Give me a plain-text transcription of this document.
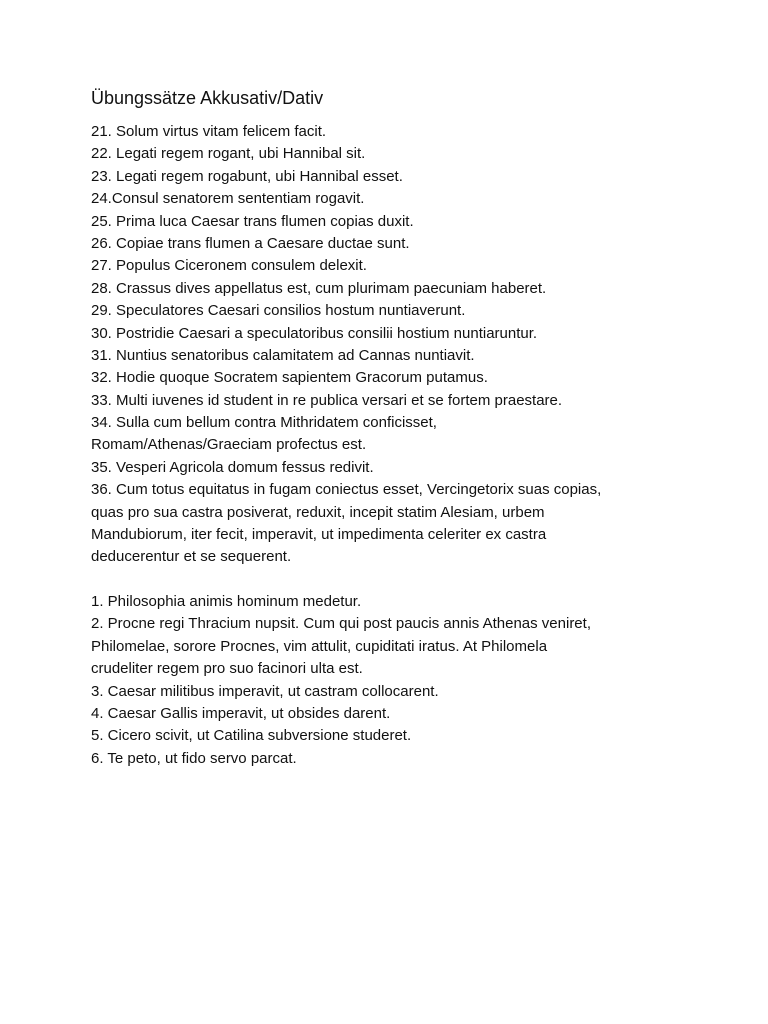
Übungssätze Akkusativ/Dativ
21. Solum virtus vitam felicem facit.
22. Legati regem rogant, ubi Hannibal sit.
23. Legati regem rogabunt, ubi Hannibal esset.
24.Consul senatorem sententiam rogavit.
25. Prima luca Caesar trans flumen copias duxit.
26. Copiae trans flumen a Caesare ductae sunt.
27. Populus Ciceronem consulem delexit.
28. Crassus dives appellatus est, cum plurimam paecuniam haberet.
29. Speculatores Caesari consilios hostum nuntiaverunt.
30. Postridie Caesari a speculatoribus consilii hostium nuntiaruntur.
31. Nuntius senatoribus calamitatem ad Cannas nuntiavit.
32. Hodie quoque Socratem sapientem Gracorum putamus.
33. Multi iuvenes id student in re publica versari et se fortem praestare.
34. Sulla cum bellum contra Mithridatem conficisset,
Romam/Athenas/Graeciam profectus est.
35. Vesperi Agricola domum fessus redivit.
36. Cum totus equitatus in fugam coniectus esset, Vercingetorix suas copias,
quas pro sua castra posiverat, reduxit, incepit statim Alesiam, urbem
Mandubiorum, iter fecit, imperavit, ut impedimenta celeriter ex castra
deducerentur et se sequerent.
1. Philosophia animis hominum medetur.
2. Procne regi Thracium nupsit. Cum qui post paucis annis Athenas veniret,
Philomelae, sorore Procnes, vim attulit, cupiditati iratus. At Philomela
crudeliter regem pro suo facinori ulta est.
3. Caesar militibus imperavit, ut castram collocarent.
4. Caesar Gallis imperavit, ut obsides darent.
5. Cicero scivit, ut Catilina subversione studeret.
6. Te peto, ut fido servo parcat.
